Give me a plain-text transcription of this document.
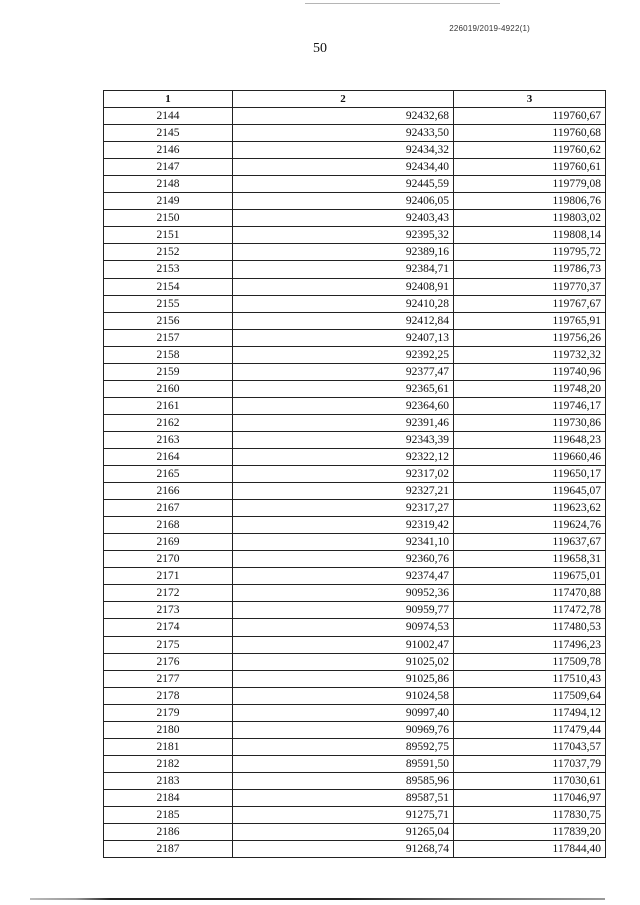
226019/2019-4922(1)
50
1	2	3
2144	92432,68	119760,67
2145	92433,50	119760,68
2146	92434,32	119760,62
2147	92434,40	119760,61
2148	92445,59	119779,08
2149	92406,05	119806,76
2150	92403,43	119803,02
2151	92395,32	119808,14
2152	92389,16	119795,72
2153	92384,71	119786,73
2154	92408,91	119770,37
2155	92410,28	119767,67
2156	92412,84	119765,91
2157	92407,13	119756,26
2158	92392,25	119732,32
2159	92377,47	119740,96
2160	92365,61	119748,20
2161	92364,60	119746,17
2162	92391,46	119730,86
2163	92343,39	119648,23
2164	92322,12	119660,46
2165	92317,02	119650,17
2166	92327,21	119645,07
2167	92317,27	119623,62
2168	92319,42	119624,76
2169	92341,10	119637,67
2170	92360,76	119658,31
2171	92374,47	119675,01
2172	90952,36	117470,88
2173	90959,77	117472,78
2174	90974,53	117480,53
2175	91002,47	117496,23
2176	91025,02	117509,78
2177	91025,86	117510,43
2178	91024,58	117509,64
2179	90997,40	117494,12
2180	90969,76	117479,44
2181	89592,75	117043,57
2182	89591,50	117037,79
2183	89585,96	117030,61
2184	89587,51	117046,97
2185	91275,71	117830,75
2186	91265,04	117839,20
2187	91268,74	117844,40
